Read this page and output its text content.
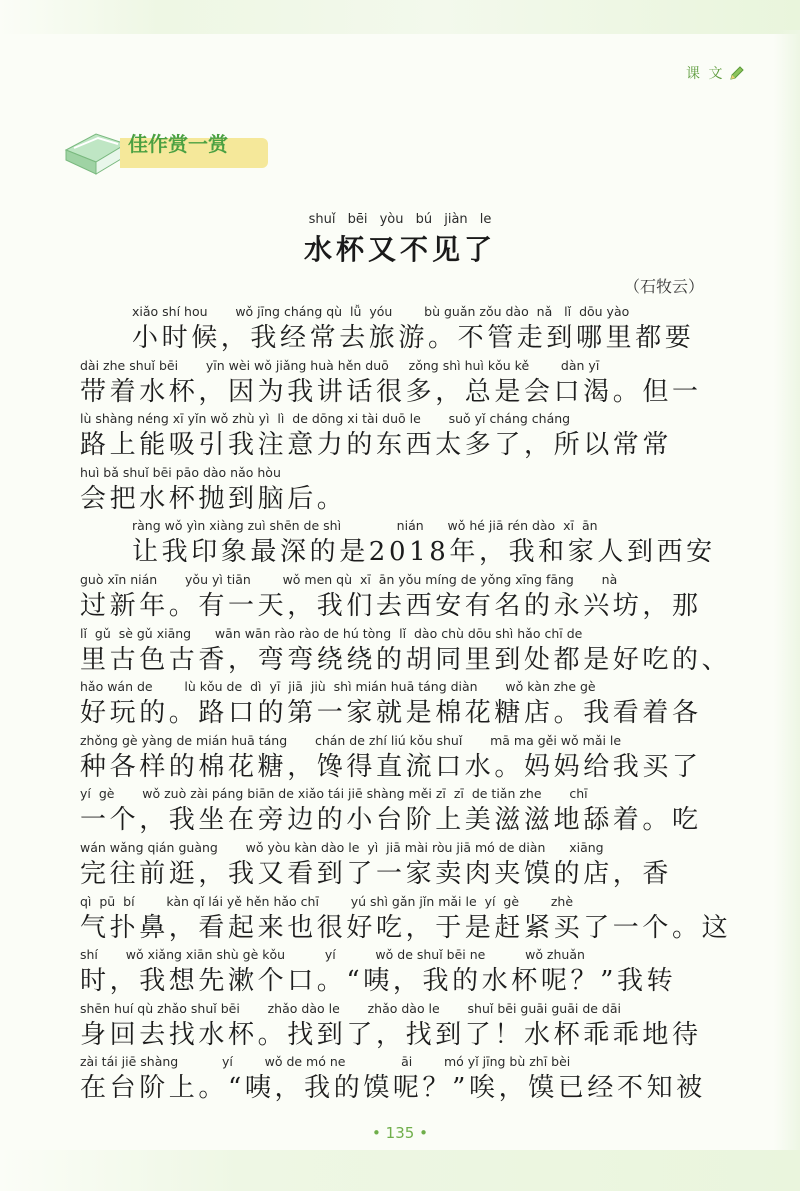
课 文
佳作赏一赏
shuǐ bēi yòu bú jiàn le
水杯又不见了
（石牧云）
xiǎo shí hou       wǒ jīng cháng qù  lǚ  yóu        bù guǎn zǒu dào  nǎ   lǐ  dōu yào
小时候，我经常去旅游。不管走到哪里都要
dài zhe shuǐ bēi       yīn wèi wǒ jiǎng huà hěn duō     zǒng shì huì kǒu kě        dàn yī
带着水杯，因为我讲话很多，总是会口渴。但一
lù shàng néng xī yǐn wǒ zhù yì  lì  de dōng xi tài duō le       suǒ yǐ cháng cháng
路上能吸引我注意力的东西太多了，所以常常
huì bǎ shuǐ bēi pāo dào nǎo hòu
会把水杯抛到脑后。
ràng wǒ yìn xiàng zuì shēn de shì              nián      wǒ hé jiā rén dào  xī  ān
让我印象最深的是2018年，我和家人到西安
guò xīn nián       yǒu yì tiān        wǒ men qù  xī  ān yǒu míng de yǒng xīng fāng       nà
过新年。有一天，我们去西安有名的永兴坊，那
lǐ  gǔ  sè gǔ xiāng      wān wān rào rào de hú tòng  lǐ  dào chù dōu shì hǎo chī de
里古色古香，弯弯绕绕的胡同里到处都是好吃的、
hǎo wán de        lù kǒu de  dì  yī  jiā  jiù  shì mián huā táng diàn       wǒ kàn zhe gè
好玩的。路口的第一家就是棉花糖店。我看着各
zhǒng gè yàng de mián huā táng       chán de zhí liú kǒu shuǐ       mā ma gěi wǒ mǎi le
种各样的棉花糖，馋得直流口水。妈妈给我买了
yí  gè       wǒ zuò zài páng biān de xiǎo tái jiē shàng měi zī  zī  de tiǎn zhe       chī
一个，我坐在旁边的小台阶上美滋滋地舔着。吃
wán wǎng qián guàng       wǒ yòu kàn dào le  yì  jiā mài ròu jiā mó de diàn      xiāng
完往前逛，我又看到了一家卖肉夹馍的店，香
qì  pū  bí        kàn qǐ lái yě hěn hǎo chī        yú shì gǎn jǐn mǎi le  yí  gè        zhè
气扑鼻，看起来也很好吃，于是赶紧买了一个。这
shí       wǒ xiǎng xiān shù gè kǒu          yí          wǒ de shuǐ bēi ne          wǒ zhuǎn
时，我想先漱个口。“咦，我的水杯呢？”我转
shēn huí qù zhǎo shuǐ bēi       zhǎo dào le       zhǎo dào le       shuǐ bēi guāi guāi de dāi
身回去找水杯。找到了，找到了！水杯乖乖地待
zài tái jiē shàng           yí        wǒ de mó ne              āi        mó yǐ jīng bù zhī bèi
在台阶上。“咦，我的馍呢？”唉，馍已经不知被
• 135 •
